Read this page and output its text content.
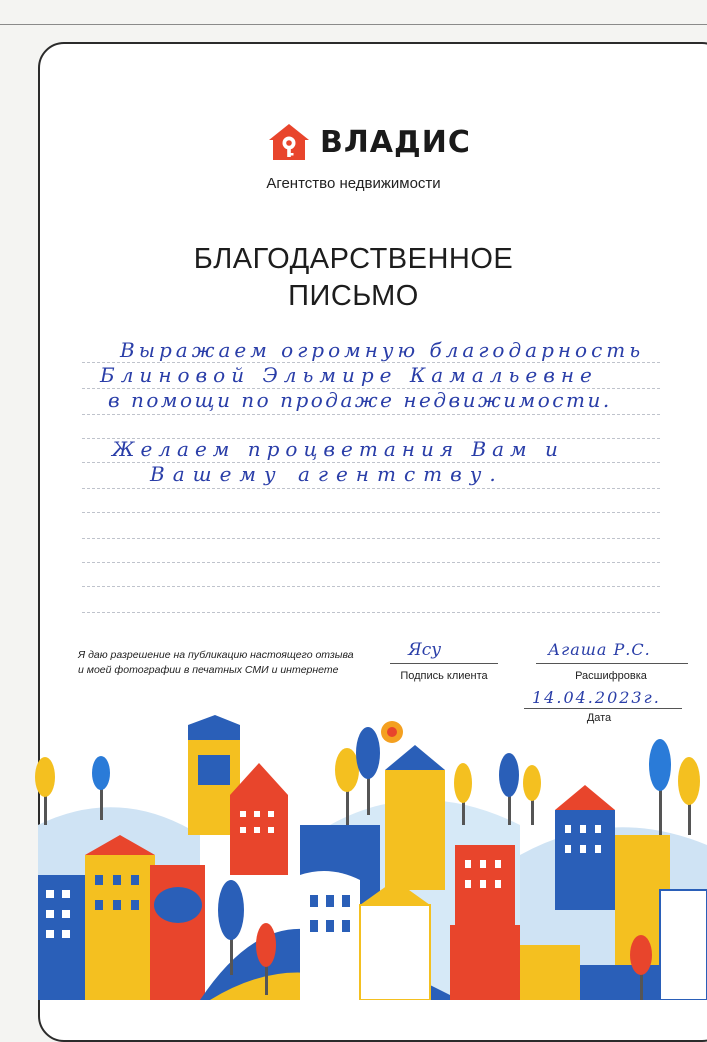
ВЛАДИС
Агентство недвижимости
БЛАГОДАРСТВЕННОЕ
ПИСЬМО
Выражаем огромную благодарность
Блиновой Эльмире Камальевне
в помощи по продаже недвижимости.
Желаем процветания Вам и
Вашему агентству.
Я даю разрешение на публикацию настоящего отзыва
и моей фотографии в печатных СМИ и интернете
Ясу
Подпись клиента
Агаша Р.С.
Расшифровка
14.04.2023г.
Дата
